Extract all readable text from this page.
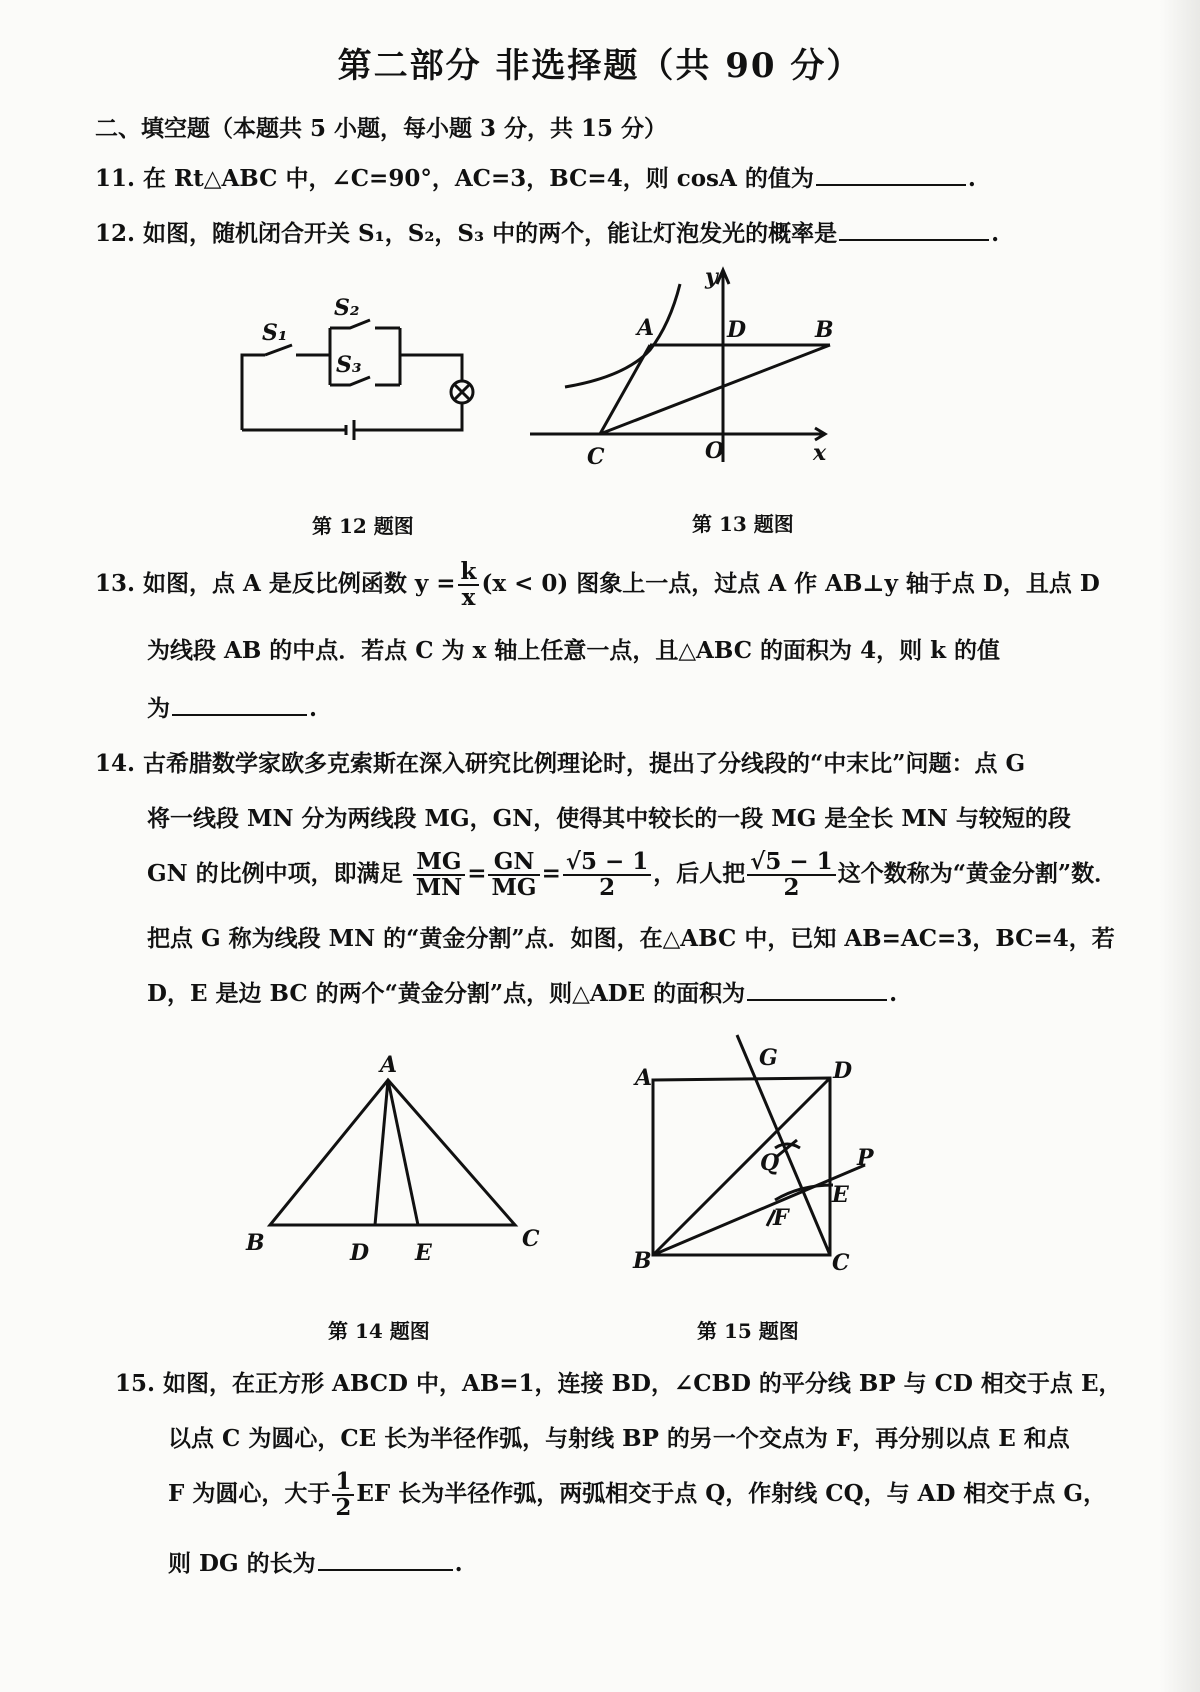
第二部分 非选择题（共 90 分）
二、填空题（本题共 5 小题，每小题 3 分，共 15 分）
11. 在 Rt△ABC 中，∠C=90°，AC=3，BC=4，则 cosA 的值为	.
12. 如图，随机闭合开关 S₁，S₂，S₃ 中的两个，能让灯泡发光的概率是	.
S₁
S₂
S₃
第 12 题图
y
A	D	B
C	O	x
第 13 题图
13. 如图，点 A 是反比例函数 $y = \frac{k}{x} (x < 0)$ 图象上一点，过点 A 作 AB⊥y 轴于点 D，且点 D
为线段 AB 的中点．若点 C 为 x 轴上任意一点，且△ABC 的面积为 4，则 k 的值
为	.
14. 古希腊数学家欧多克索斯在深入研究比例理论时，提出了分线段的“中末比”问题：点 G
将一线段 MN 分为两线段 MG，GN，使得其中较长的一段 MG 是全长 MN 与较短的段
GN 的比例中项，即满足 $\frac{MG}{MN} = \frac{GN}{MG} = \frac{√5 - 1}{2}$ ，后人把 $\frac{√5 - 1}{2}$ 这个数称为“黄金分割”数．
把点 G 称为线段 MN 的“黄金分割”点．如图，在△ABC 中，已知 AB=AC=3，BC=4，若
D，E 是边 BC 的两个“黄金分割”点，则△ADE 的面积为	.
A
B	C
D E
第 14 题图
A
G	D
Q	P
E
F
B	C
第 15 题图
15. 如图，在正方形 ABCD 中，AB=1，连接 BD，∠CBD 的平分线 BP 与 CD 相交于点 E，
以点 C 为圆心，CE 长为半径作弧，与射线 BP 的另一个交点为 F，再分别以点 E 和点
F 为圆心，大于 $\frac{1}{2}$ EF 长为半径作弧，两弧相交于点 Q，作射线 CQ，与 AD 相交于点 G，
则 DG 的长为	.
